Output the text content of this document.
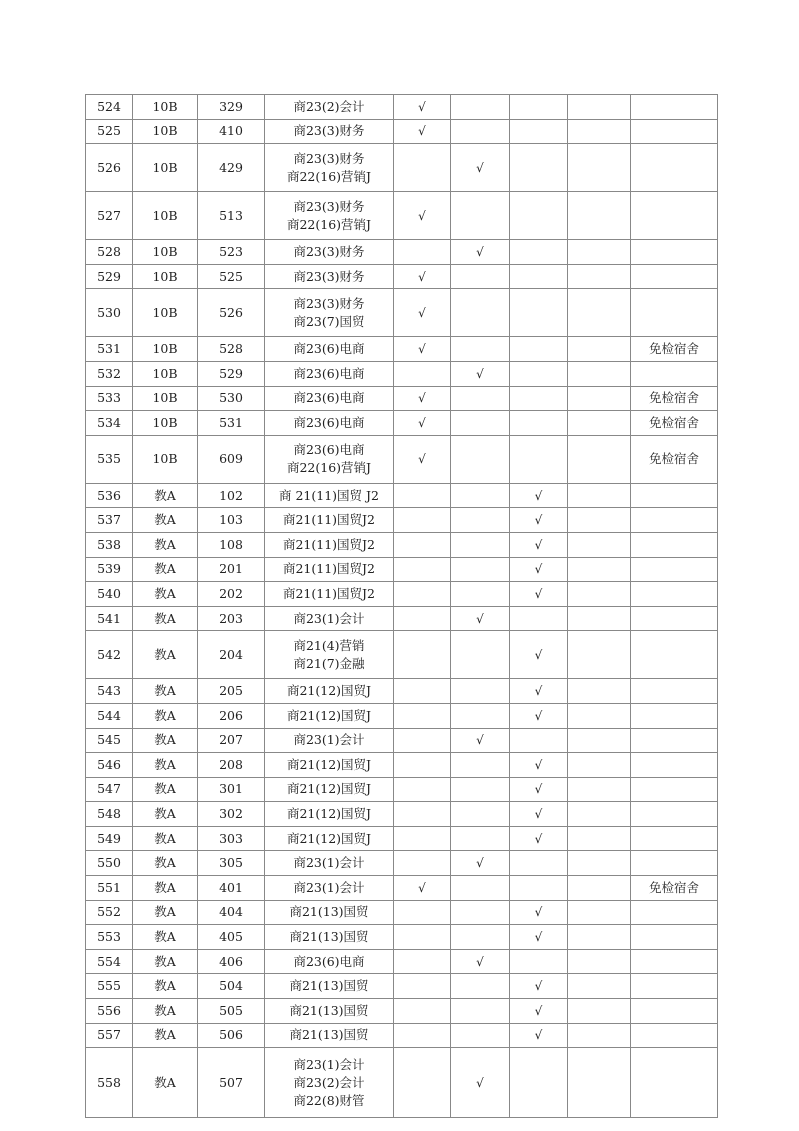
524	10B	329	商23(2)会计	√				
525	10B	410	商23(3)财务	√				
526	10B	429	商23(3)财务
商22(16)营销J		√			
527	10B	513	商23(3)财务
商22(16)营销J	√				
528	10B	523	商23(3)财务		√			
529	10B	525	商23(3)财务	√				
530	10B	526	商23(3)财务
商23(7)国贸	√				
531	10B	528	商23(6)电商	√				免检宿舍
532	10B	529	商23(6)电商		√			
533	10B	530	商23(6)电商	√				免检宿舍
534	10B	531	商23(6)电商	√				免检宿舍
535	10B	609	商23(6)电商
商22(16)营销J	√				免检宿舍
536	教A	102	商 21(11)国贸 J2			√		
537	教A	103	商21(11)国贸J2			√		
538	教A	108	商21(11)国贸J2			√		
539	教A	201	商21(11)国贸J2			√		
540	教A	202	商21(11)国贸J2			√		
541	教A	203	商23(1)会计		√			
542	教A	204	商21(4)营销
商21(7)金融			√		
543	教A	205	商21(12)国贸J			√		
544	教A	206	商21(12)国贸J			√		
545	教A	207	商23(1)会计		√			
546	教A	208	商21(12)国贸J			√		
547	教A	301	商21(12)国贸J			√		
548	教A	302	商21(12)国贸J			√		
549	教A	303	商21(12)国贸J			√		
550	教A	305	商23(1)会计		√			
551	教A	401	商23(1)会计	√				免检宿舍
552	教A	404	商21(13)国贸			√		
553	教A	405	商21(13)国贸			√		
554	教A	406	商23(6)电商		√			
555	教A	504	商21(13)国贸			√		
556	教A	505	商21(13)国贸			√		
557	教A	506	商21(13)国贸			√		
558	教A	507	商23(1)会计
商23(2)会计
商22(8)财管		√			
